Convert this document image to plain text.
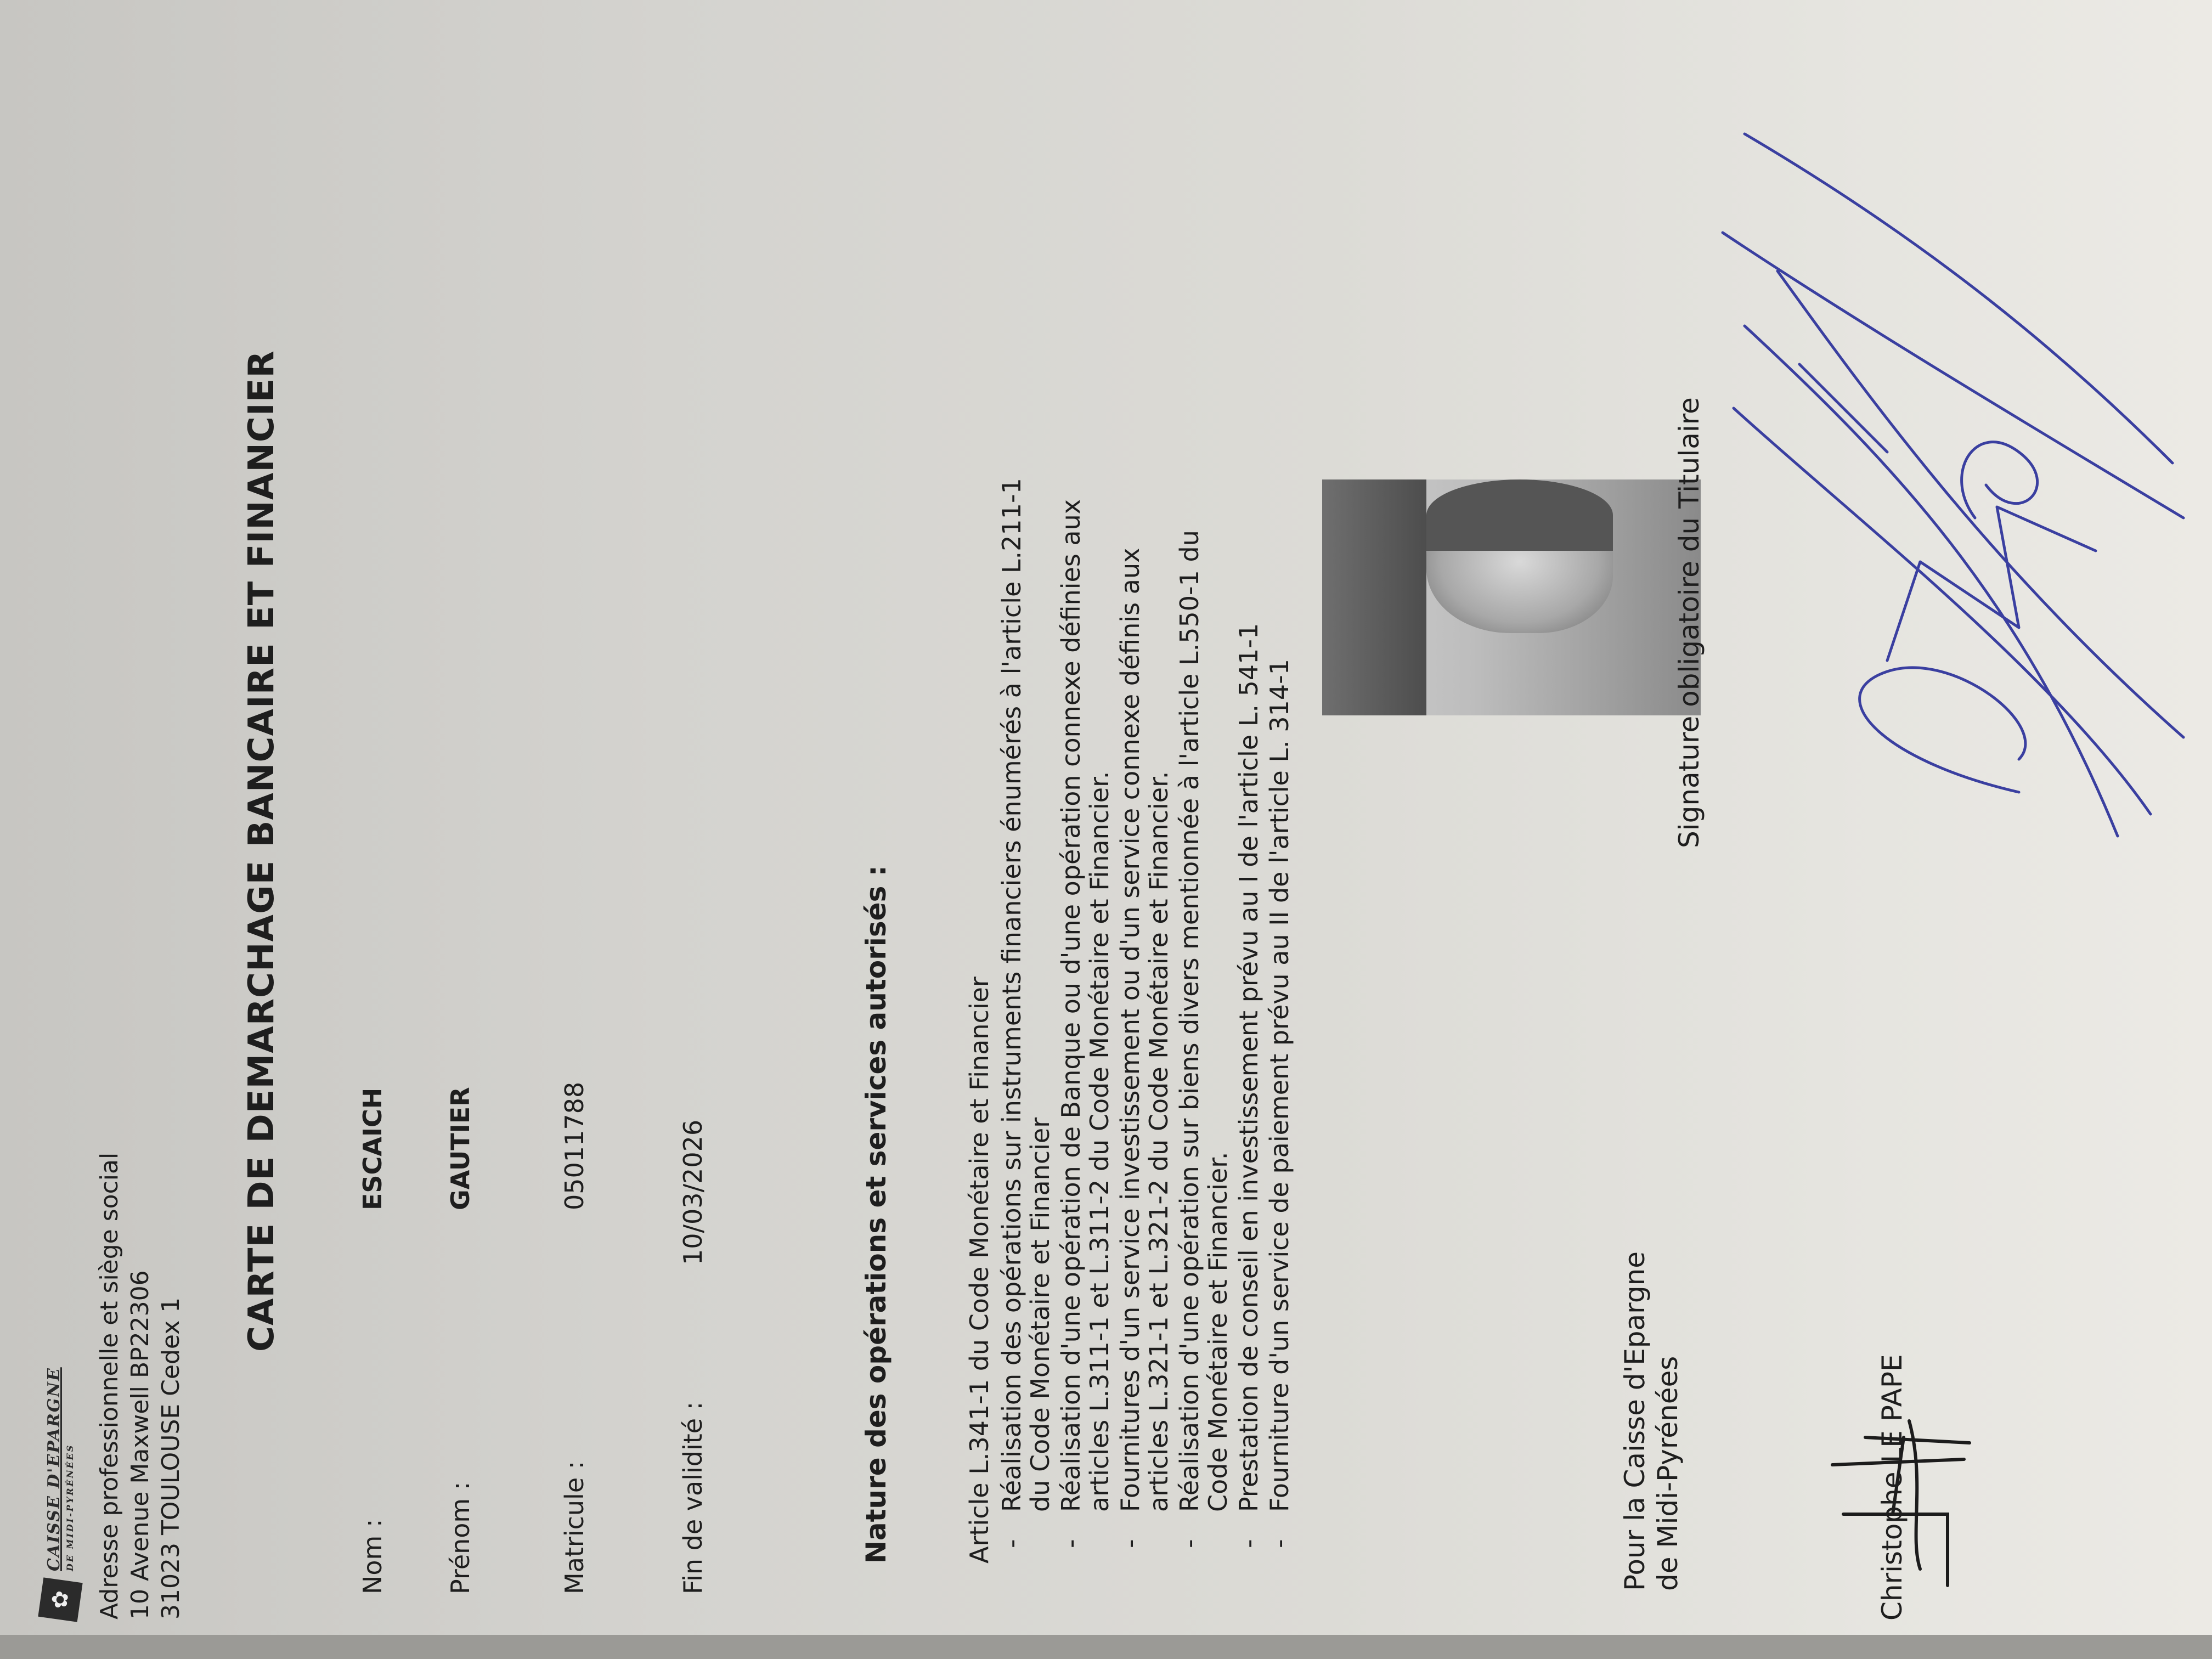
✿
CAISSE D'EPARGNE DE MIDI-PYRÉNÉES Adresse professionnelle et siège social 10 Avenue Maxwell BP22306 31023 TOULOUSE Cedex 1
CARTE DE DEMARCHAGE BANCAIRE ET FINANCIER
Nom :
ESCAICH
Prénom :
GAUTIER
Matricule :
05011788
Fin de validité :
10/03/2026	Nature des opérations et services autorisés :	Article L.341-1 du Code Monétaire et Financier -
Réalisation des opérations sur instruments financiers énumérés à l'article L.211-1
du Code Monétaire et Financier
-
Réalisation d'une opération de Banque ou d'une opération connexe définies aux
articles L.311-1 et L.311-2 du Code Monétaire et Financier.
-
Fournitures d'un service investissement ou d'un service connexe définis aux
articles L.321-1 et L.321-2 du Code Monétaire et Financier.
-
Réalisation d'une opération sur biens divers mentionnée à l'article L.550-1 du
Code Monétaire et Financier.
-
Prestation de conseil en investissement prévu au I de l'article L. 541-1
-
Fourniture d'un service de paiement prévu au II de l'article L. 314-1	Pour la Caisse d'Epargne de Midi-Pyrénées	Christophe LE PAPE
Signature obligatoire du Titulaire
